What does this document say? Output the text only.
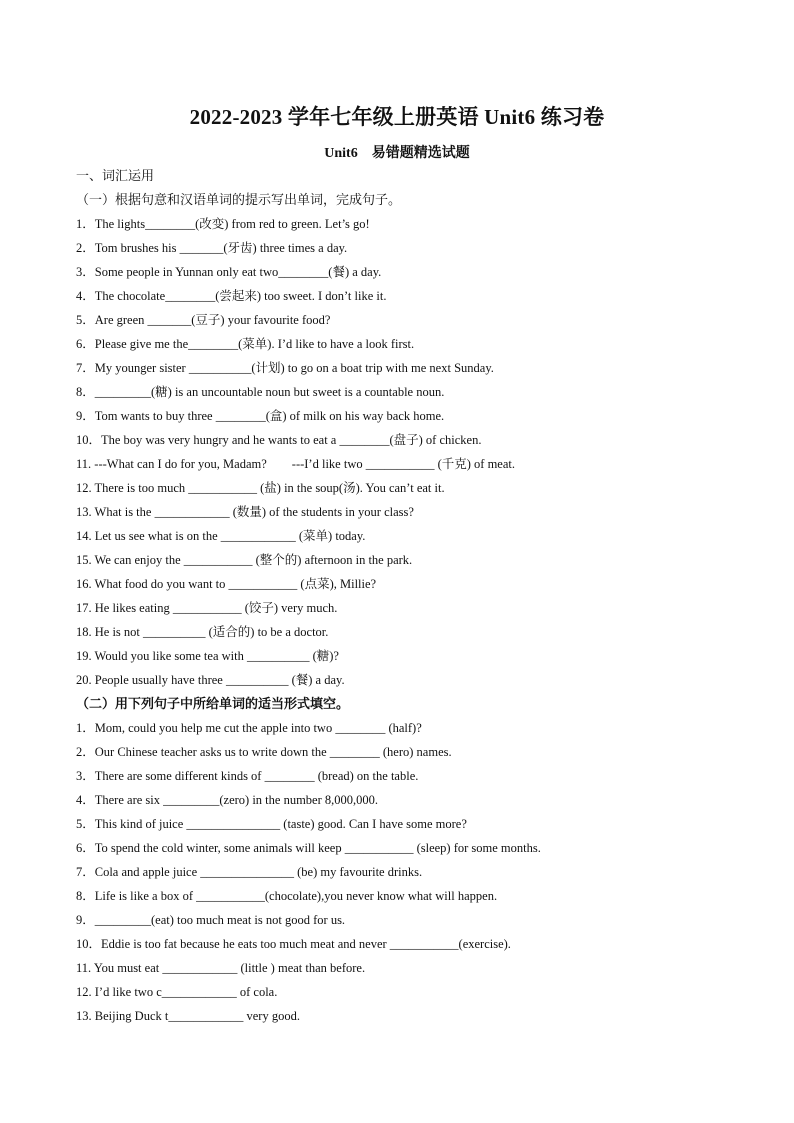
2022-2023 学年七年级上册英语 Unit6 练习卷
Unit6　易错题精选试题
一、词汇运用
（一）根据句意和汉语单词的提示写出单词，完成句子。
1．The lights________(改变) from red to green. Let’s go!
2．Tom brushes his _______(牙齿) three times a day.
3．Some people in Yunnan only eat two________(餐) a day.
4．The chocolate________(尝起来) too sweet. I don’t like it.
5．Are green _______(豆子) your favourite food?
6．Please give me the________(菜单). I’d like to have a look first.
7．My younger sister __________(计划) to go on a boat trip with me next Sunday.
8．_________(糖) is an uncountable noun but sweet is a countable noun.
9．Tom wants to buy three ________(盒) of milk on his way back home.
10．The boy was very hungry and he wants to eat a ________(盘子) of chicken.
11. ---What can I do for you, Madam?　　---I’d like two ___________ (千克) of meat.
12. There is too much ___________ (盐) in the soup(汤). You can’t eat it.
13. What is the ____________ (数量) of the students in your class?
14. Let us see what is on the ____________ (菜单) today.
15. We can enjoy the ___________ (整个的) afternoon in the park.
16. What food do you want to ___________ (点菜), Millie?
17. He likes eating ___________ (饺子) very much.
18. He is not __________ (适合的) to be a doctor.
19. Would you like some tea with __________ (糖)?
20. People usually have three __________ (餐) a day.
（二）用下列句子中所给单词的适当形式填空。
1．Mom, could you help me cut the apple into two ________ (half)?
2．Our Chinese teacher asks us to write down the ________ (hero) names.
3．There are some different kinds of ________ (bread) on the table.
4．There are six _________(zero) in the number 8,000,000.
5．This kind of juice _______________ (taste) good. Can I have some more?
6．To spend the cold winter, some animals will keep ___________ (sleep) for some months.
7．Cola and apple juice _______________ (be) my favourite drinks.
8．Life is like a box of ___________(chocolate),you never know what will happen.
9．_________(eat) too much meat is not good for us.
10．Eddie is too fat because he eats too much meat and never ___________(exercise).
11. You must eat ____________ (little ) meat than before.
12. I’d like two c____________ of cola.
13. Beijing Duck t____________ very good.
